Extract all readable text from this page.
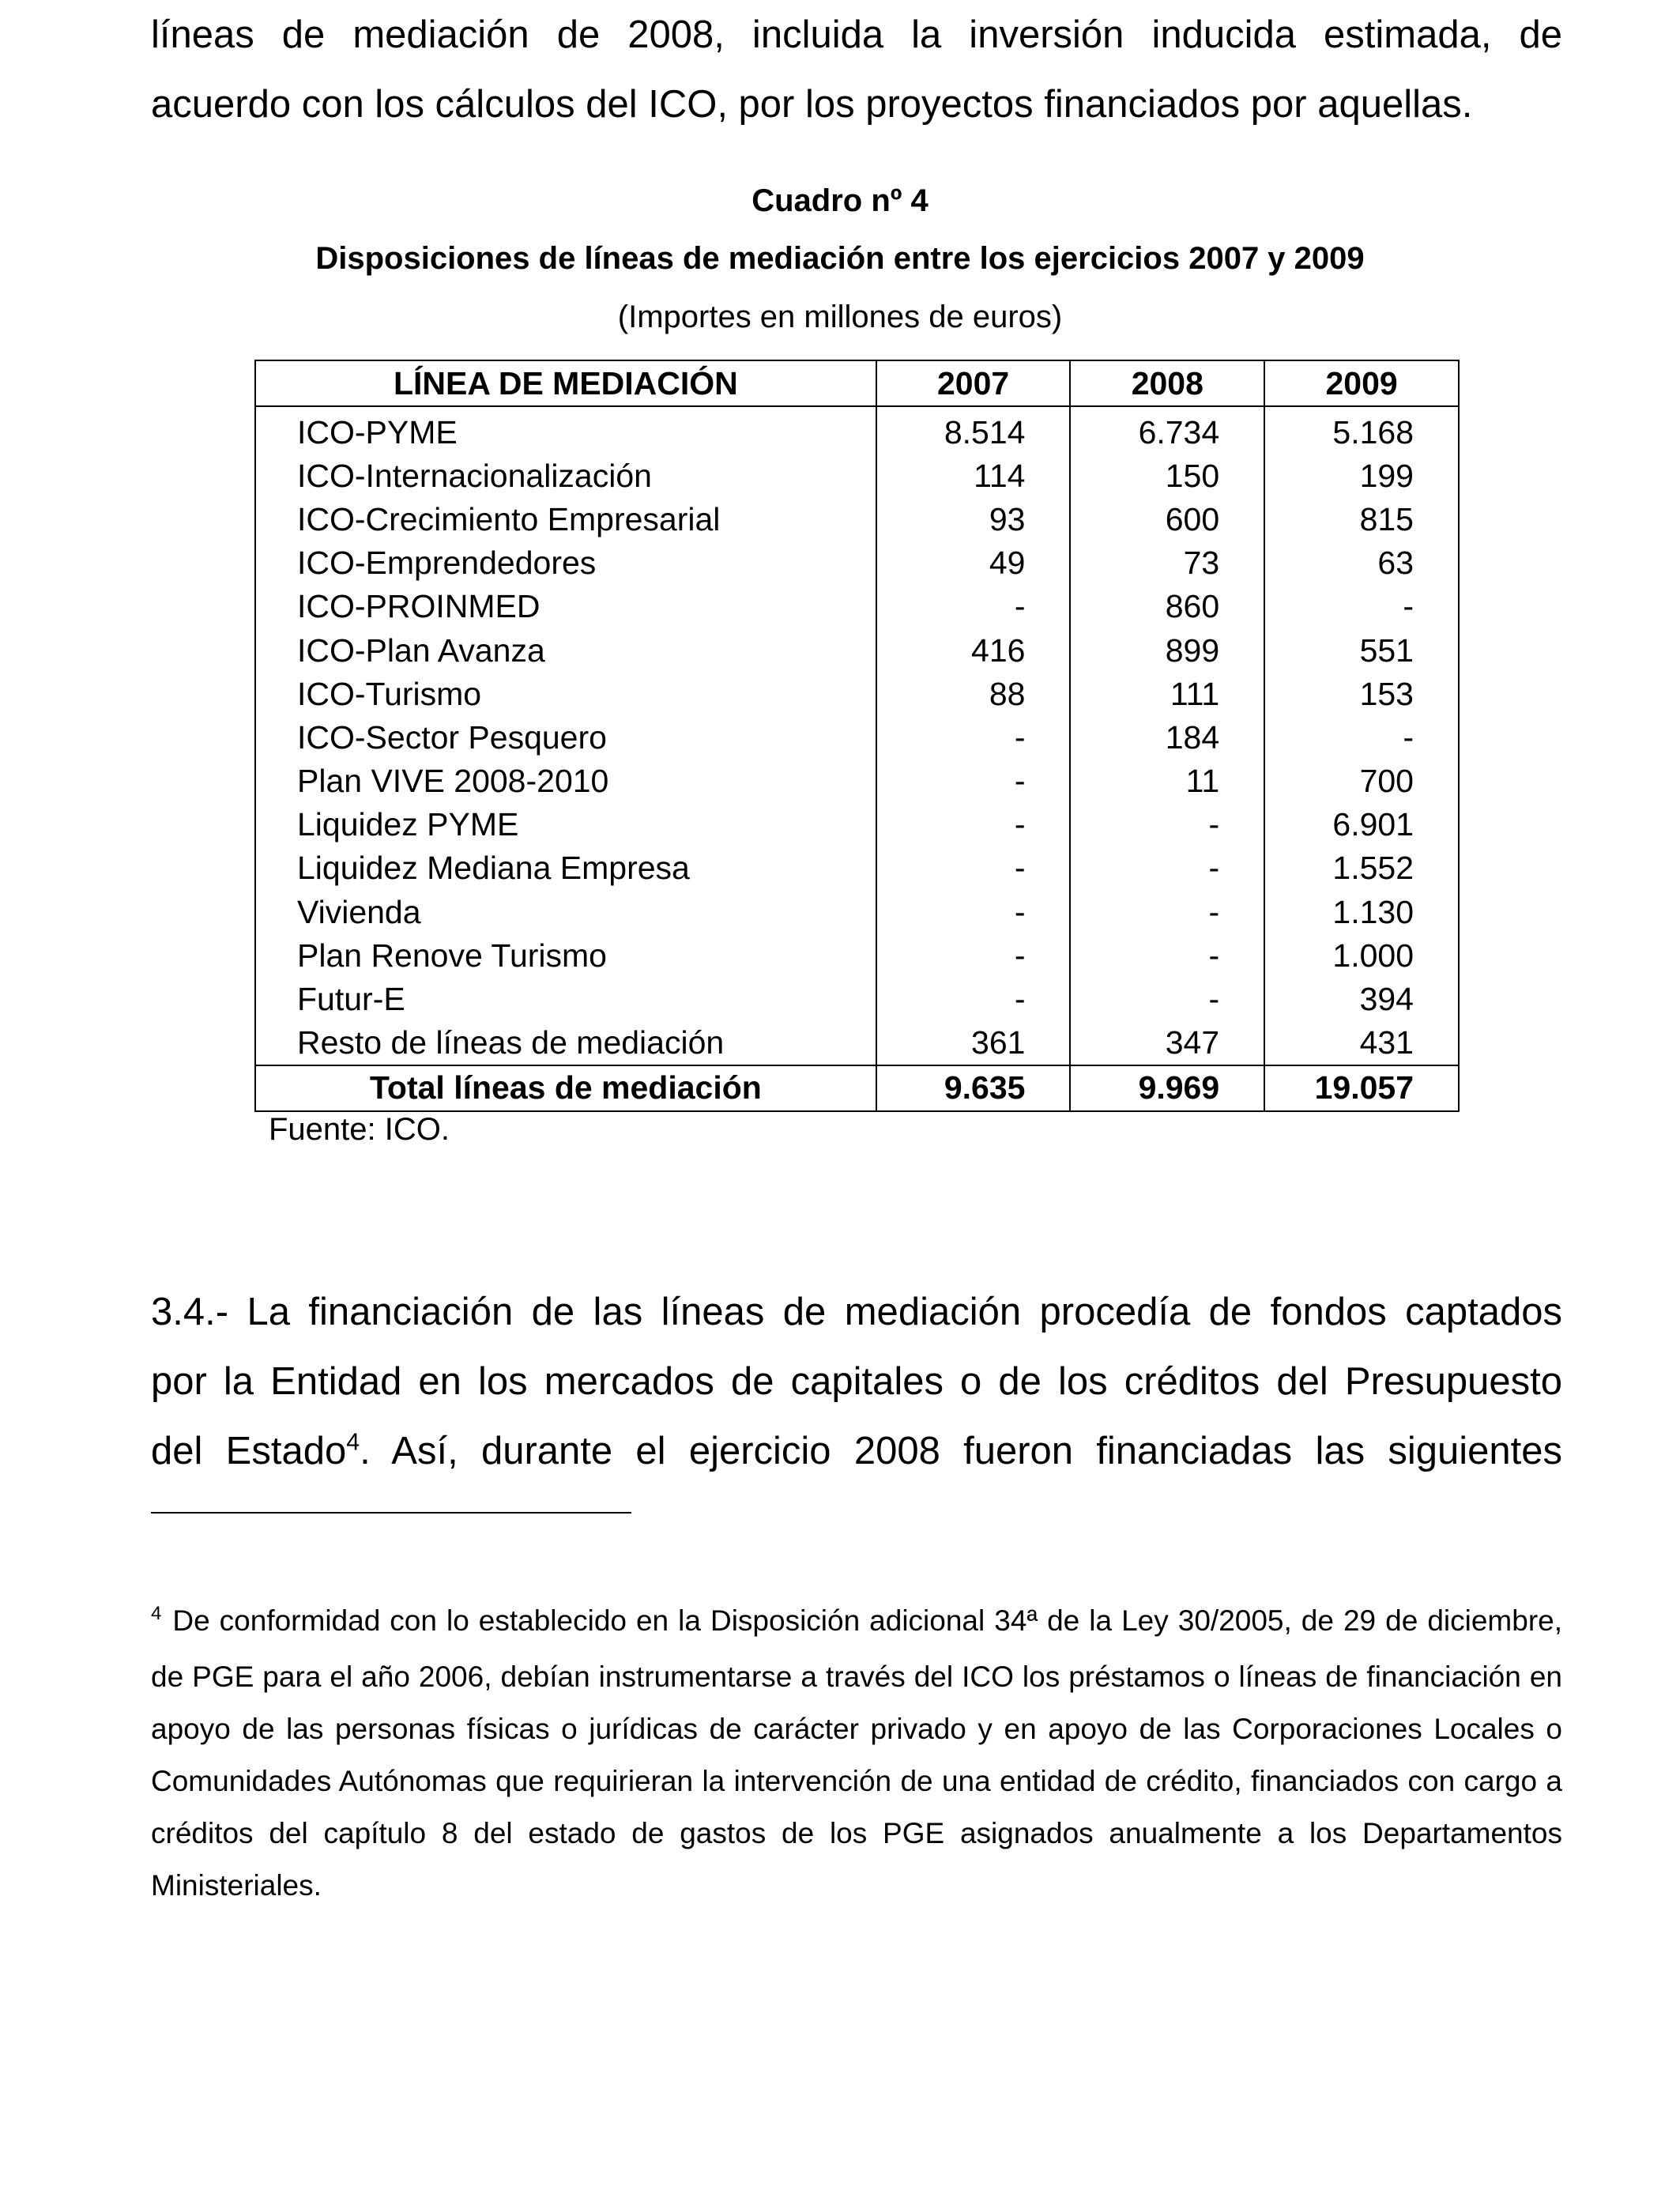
líneas de mediación de 2008, incluida la inversión inducida estimada, de
acuerdo con los cálculos del ICO, por los proyectos financiados por aquellas.
Cuadro nº 4
Disposiciones de líneas de mediación entre los ejercicios 2007 y 2009
(Importes en millones de euros)
LÍNEA DE MEDIACIÓN	2007	2008	2009
ICO-PYME	8.514	6.734	5.168
ICO-Internacionalización	114	150	199
ICO-Crecimiento Empresarial	93	600	815
ICO-Emprendedores	49	73	63
ICO-PROINMED	-	860	-
ICO-Plan Avanza	416	899	551
ICO-Turismo	88	111	153
ICO-Sector Pesquero	-	184	-
Plan VIVE 2008-2010	-	11	700
Liquidez PYME	-	-	6.901
Liquidez Mediana Empresa	-	-	1.552
Vivienda	-	-	1.130
Plan Renove Turismo	-	-	1.000
Futur-E	-	-	394
Resto de líneas de mediación	361	347	431
Total líneas de mediación	9.635	9.969	19.057
Fuente: ICO.
3.4.- La financiación de las líneas de mediación procedía de fondos captados
por la Entidad en los mercados de capitales o de los créditos del Presupuesto
del Estado$^4$. Así, durante el ejercicio 2008 fueron financiadas las siguientes
$^4$ De conformidad con lo establecido en la Disposición adicional 34ª de la Ley 30/2005, de 29 de diciembre, de PGE para el año 2006, debían instrumentarse a través del ICO los préstamos o líneas de financiación en apoyo de las personas físicas o jurídicas de carácter privado y en apoyo de las Corporaciones Locales o Comunidades Autónomas que requirieran la intervención de una entidad de crédito, financiados con cargo a créditos del capítulo 8 del estado de gastos de los PGE asignados anualmente a los Departamentos Ministeriales.
